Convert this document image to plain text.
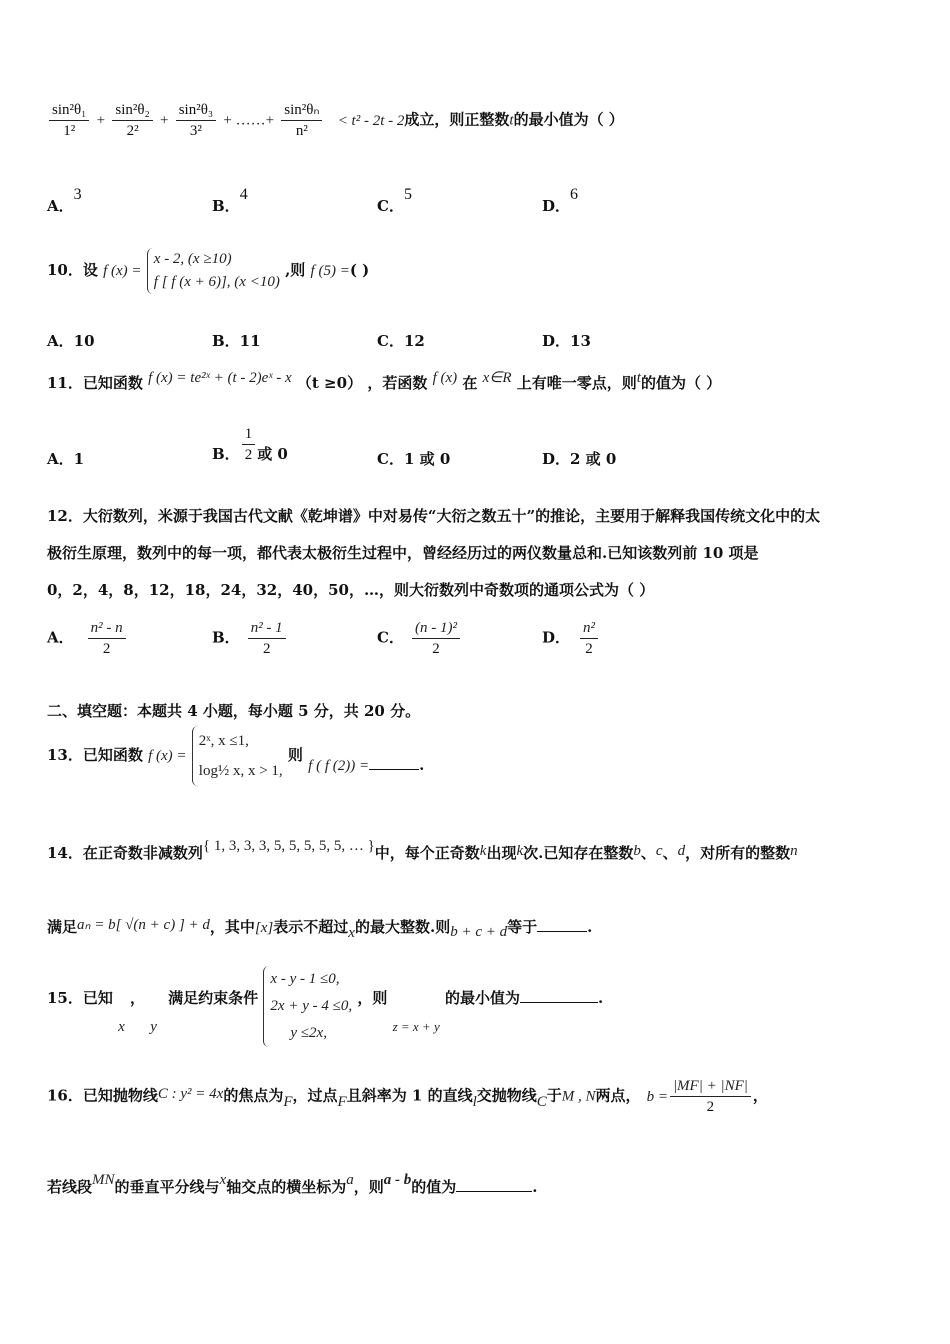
$\frac{\text{sin²θ₁}}{\text{1²}} + \frac{\text{sin²θ₂}}{\text{2²}} + \frac{\text{sin²θ₃}}{\text{3²}}$ + ……+ $\frac{\text{sin²θₙ}}{\text{n²}} < t^2 - 2t - 2$成立，则正整数t的最小值为（ ）
A．3
B．4
C．5
D．6
10．设 f (x) =
x - 2, (x ≥10)
f [ f (x + 6)], (x <10)
,则 f (5) =( )
A．10	B．11	C．12	D．13
11．已知函数 f (x) = te²ˣ + (t - 2)eˣ - x （t ≥0） ，若函数 f (x) 在 x∈R 上有唯一零点，则t的值为（ ）
A．1	B． $\frac{1}{2}$ 或 0	C．1 或 0	D．2 或 0
12．大衍数列，米源于我国古代文献《乾坤谱》中对易传“大衍之数五十”的推论，主要用于解释我国传统文化中的太
极衍生原理，数列中的每一项，都代表太极衍生过程中，曾经经历过的两仪数量总和.已知该数列前 10 项是
0，2，4，8，12，18，24，32，40，50，…，则大衍数列中奇数项的通项公式为（ ）
A． $\frac{\text{n² - n}}{2}$	B． $\frac{\text{n² - 1}}{2}$	C． $\frac{\text{(n - 1)²}}{2}$	D． $\frac{\text{n²}}{2}$
二、填空题：本题共 4 小题，每小题 5 分，共 20 分。
13．已知函数 f (x) =
2ˣ, x ≤1,
log½ x, x > 1,
则 f ( f (2)) =	.
14．在正奇数非减数列{ 1, 3, 3, 3, 5, 5, 5, 5, 5, … }中，每个正奇数k出现k次.已知存在整数b、c、d，对所有的整数n
满足aₙ = b[ √(n + c) ] + d，其中[x]表示不超过x的最大整数.则b + c + d等于	.
15．已知 x ， y 满足约束条件
x - y - 1 ≤0,
2x + y - 4 ≤0,
y ≤2x,
，则 z = x + y 的最小值为	.
16．已知抛物线C : y² = 4x的焦点为F，过点F且斜率为 1 的直线l交抛物线C于M , N两点， $b = \frac{|MF| + |NF|}{2}$ ，
若线段MN的垂直平分线与x轴交点的横坐标为a，则a - b的值为	.
